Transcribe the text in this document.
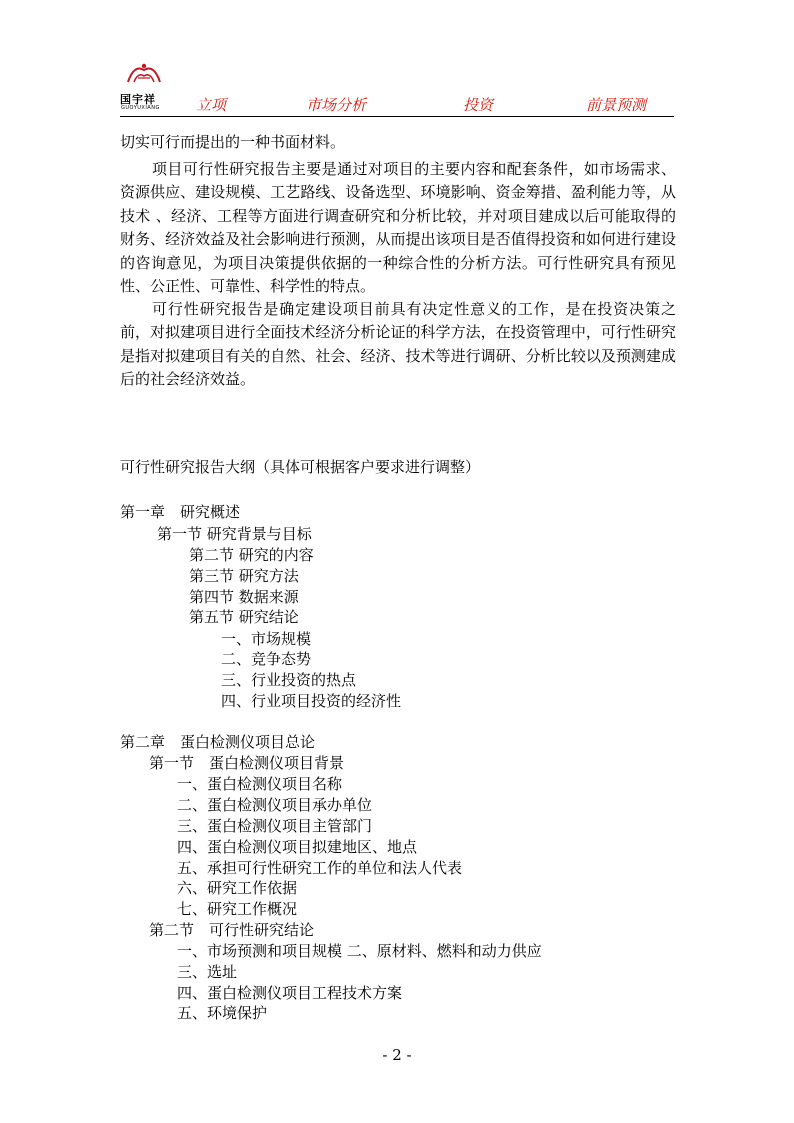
国宇祥
GUOYUXIANG 立项	市场分析	投资	前景预测

切实可行而提出的一种书面材料。

项目可行性研究报告主要是通过对项目的主要内容和配套条件，如市场需求、资源供应、建设规模、工艺路线、设备选型、环境影响、资金筹措、盈利能力等，从技术 、经济、工程等方面进行调查研究和分析比较，并对项目建成以后可能取得的财务、经济效益及社会影响进行预测，从而提出该项目是否值得投资和如何进行建设的咨询意见，为项目决策提供依据的一种综合性的分析方法。可行性研究具有预见性、公正性、可靠性、科学性的特点。

可行性研究报告是确定建设项目前具有决定性意义的工作，是在投资决策之前，对拟建项目进行全面技术经济分析论证的科学方法，在投资管理中，可行性研究是指对拟建项目有关的自然、社会、经济、技术等进行调研、分析比较以及预测建成后的社会经济效益。

可行性研究报告大纲（具体可根据客户要求进行调整）
第一章　研究概述
第一节 研究背景与目标
第二节 研究的内容
第三节 研究方法
第四节 数据来源
第五节 研究结论
一、市场规模
二、竞争态势
三、行业投资的热点
四、行业项目投资的经济性
第二章　蛋白检测仪项目总论
第一节　蛋白检测仪项目背景
一、蛋白检测仪项目名称
二、蛋白检测仪项目承办单位
三、蛋白检测仪项目主管部门
四、蛋白检测仪项目拟建地区、地点
五、承担可行性研究工作的单位和法人代表
六、研究工作依据
七、研究工作概况
第二节　可行性研究结论
一、市场预测和项目规模 二、原材料、燃料和动力供应
三、选址
四、蛋白检测仪项目工程技术方案
五、环境保护
- 2 -
